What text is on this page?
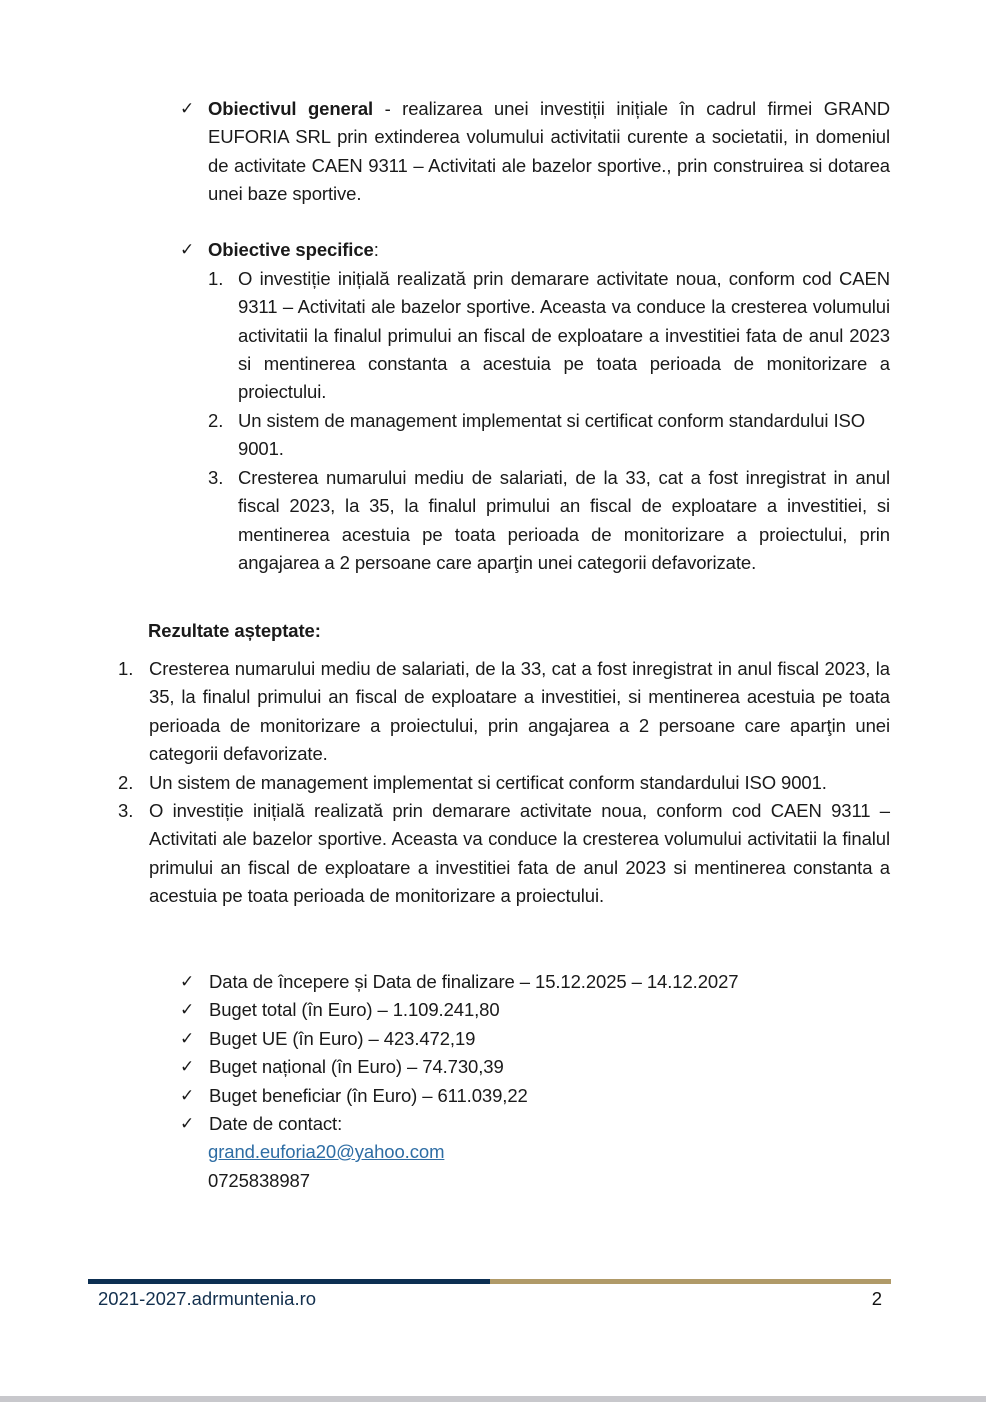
✓ Obiectivul general - realizarea unei investiții inițiale în cadrul firmei GRAND EUFORIA SRL prin extinderea volumului activitatii curente a societatii, in domeniul de activitate CAEN 9311 – Activitati ale bazelor sportive., prin construirea si dotarea unei baze sportive.
✓ Obiective specifice:
1. O investiție inițială realizată prin demarare activitate noua, conform cod CAEN 9311 – Activitati ale bazelor sportive. Aceasta va conduce la cresterea volumului activitatii la finalul primului an fiscal de exploatare a investitiei fata de anul 2023 si mentinerea constanta a acestuia pe toata perioada de monitorizare a proiectului.
2. Un sistem de management implementat si certificat conform standardului ISO 9001.
3. Cresterea numarului mediu de salariati, de la 33, cat a fost inregistrat in anul fiscal 2023, la 35, la finalul primului an fiscal de exploatare a investitiei, si mentinerea acestuia pe toata perioada de monitorizare a proiectului, prin angajarea a 2 persoane care aparţin unei categorii defavorizate.
Rezultate așteptate:
1. Cresterea numarului mediu de salariati, de la 33, cat a fost inregistrat in anul fiscal 2023, la 35, la finalul primului an fiscal de exploatare a investitiei, si mentinerea acestuia pe toata perioada de monitorizare a proiectului, prin angajarea a 2 persoane care aparţin unei categorii defavorizate.
2. Un sistem de management implementat si certificat conform standardului ISO 9001.
3. O investiție inițială realizată prin demarare activitate noua, conform cod CAEN 9311 – Activitati ale bazelor sportive. Aceasta va conduce la cresterea volumului activitatii la finalul primului an fiscal de exploatare a investitiei fata de anul 2023 si mentinerea constanta a acestuia pe toata perioada de monitorizare a proiectului.
✓ Data de începere și Data de finalizare – 15.12.2025 – 14.12.2027
✓ Buget total (în Euro) – 1.109.241,80
✓ Buget UE (în Euro) – 423.472,19
✓ Buget național (în Euro) – 74.730,39
✓ Buget beneficiar (în Euro) – 611.039,22
✓ Date de contact:
grand.euforia20@yahoo.com
0725838987
2021-2027.adrmuntenia.ro	2
